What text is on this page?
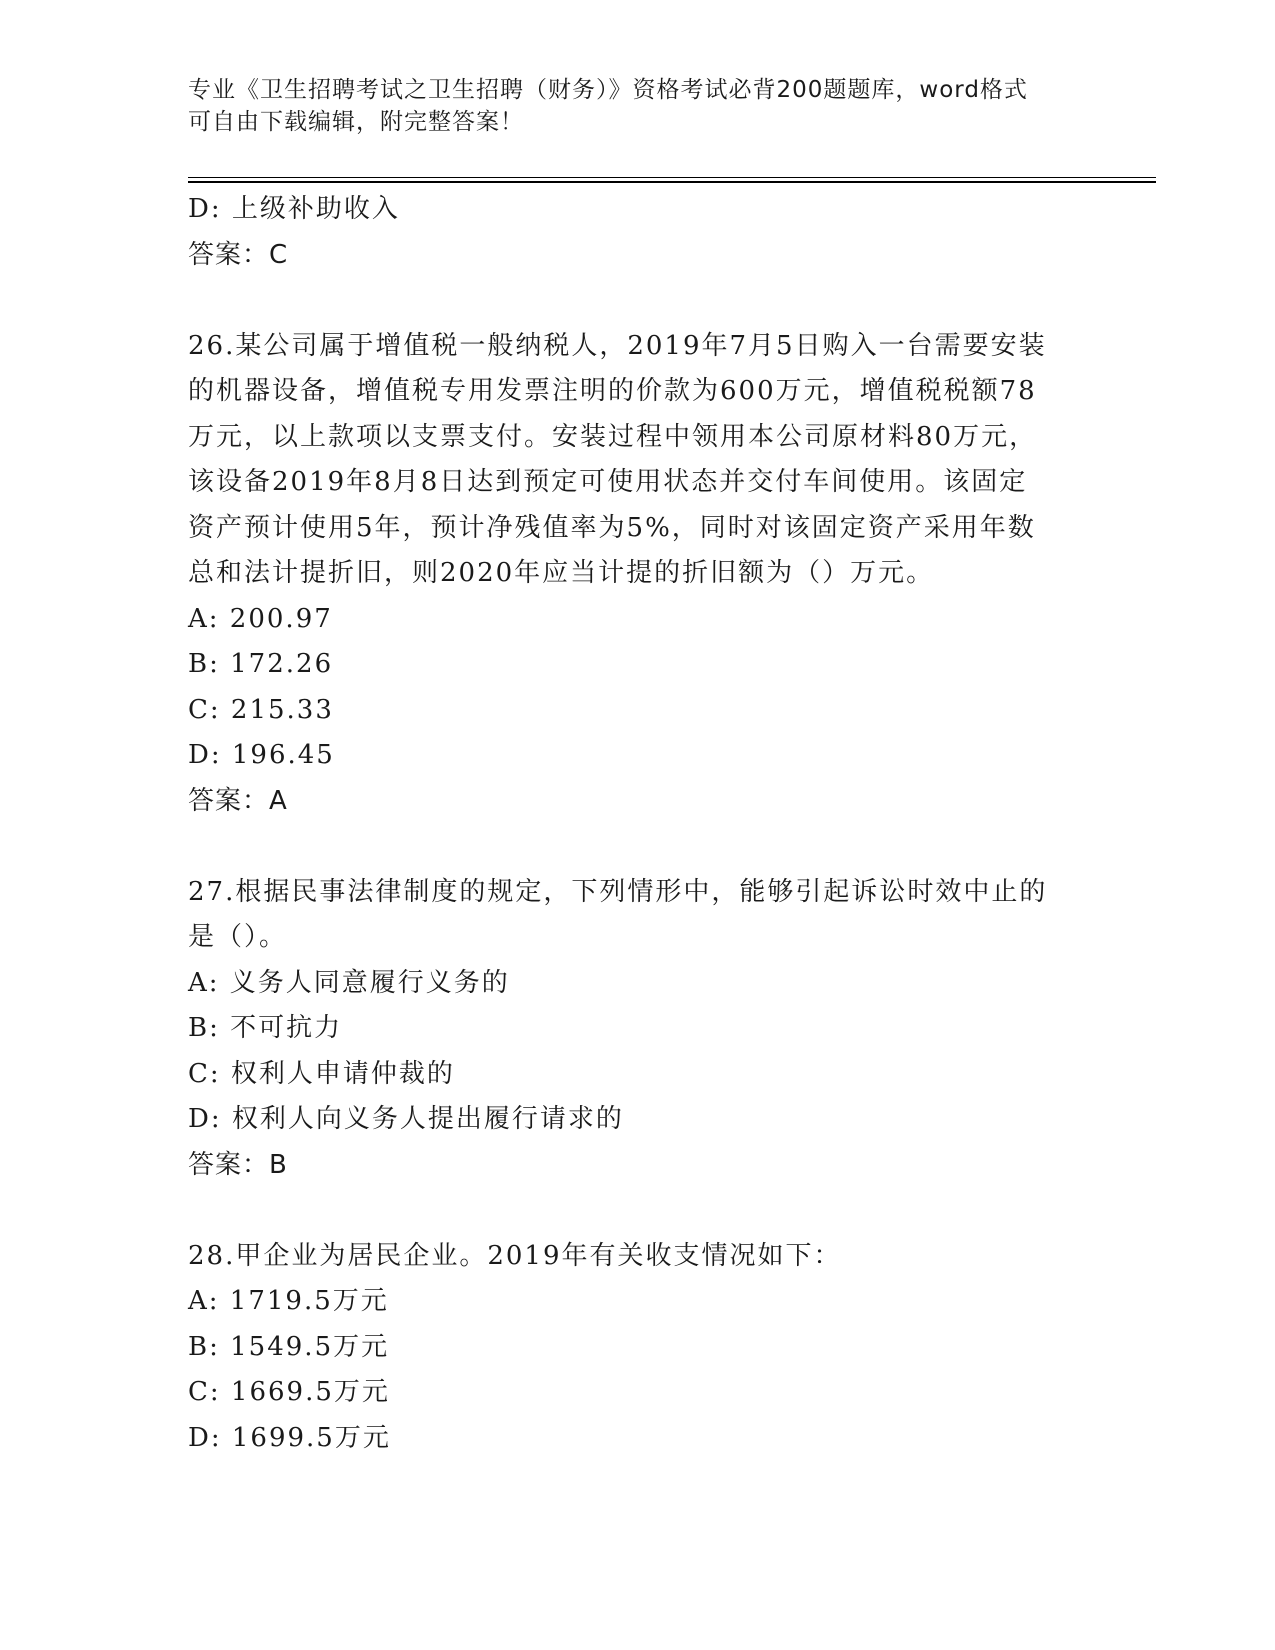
专业《卫生招聘考试之卫生招聘（财务）》资格考试必背200题题库，word格式
可自由下载编辑，附完整答案！
D: 上级补助收入
答案：C
26.某公司属于增值税一般纳税人，2019年7月5日购入一台需要安装
的机器设备，增值税专用发票注明的价款为600万元，增值税税额78
万元，以上款项以支票支付。安装过程中领用本公司原材料80万元，
该设备2019年8月8日达到预定可使用状态并交付车间使用。该固定
资产预计使用5年，预计净残值率为5%，同时对该固定资产采用年数
总和法计提折旧，则2020年应当计提的折旧额为（）万元。
A: 200.97
B: 172.26
C: 215.33
D: 196.45
答案：A
27.根据民事法律制度的规定，下列情形中，能够引起诉讼时效中止的
是（）。
A: 义务人同意履行义务的
B: 不可抗力
C: 权利人申请仲裁的
D: 权利人向义务人提出履行请求的
答案：B
28.甲企业为居民企业。2019年有关收支情况如下：
A: 1719.5万元
B: 1549.5万元
C: 1669.5万元
D: 1699.5万元
